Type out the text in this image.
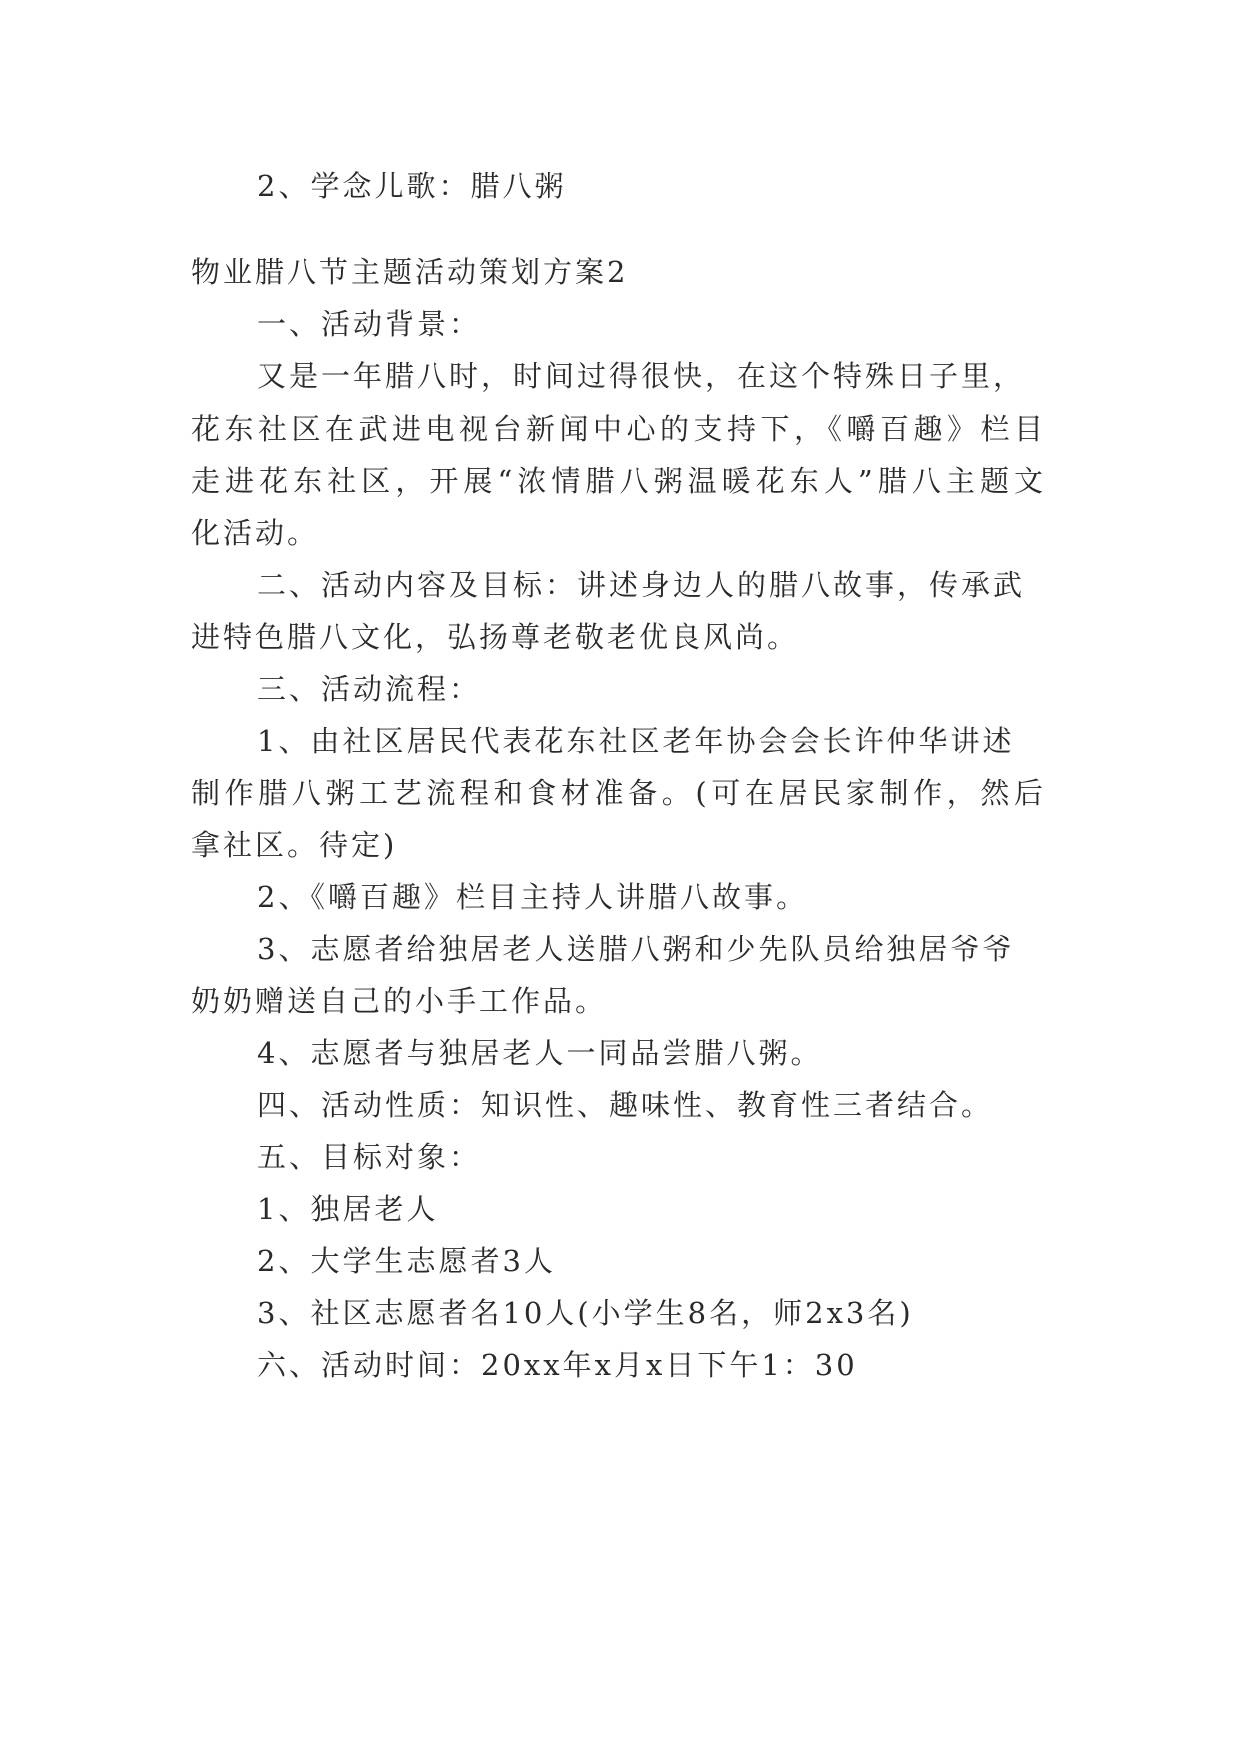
2、学念儿歌：腊八粥
物业腊八节主题活动策划方案2
一、活动背景：
又是一年腊八时，时间过得很快，在这个特殊日子里，
花东社区在武进电视台新闻中心的支持下，《嚼百趣》栏目
走进花东社区，开展“浓情腊八粥温暖花东人”腊八主题文
化活动。
二、活动内容及目标：讲述身边人的腊八故事，传承武
进特色腊八文化，弘扬尊老敬老优良风尚。
三、活动流程：
1、由社区居民代表花东社区老年协会会长许仲华讲述
制作腊八粥工艺流程和食材准备。(可在居民家制作，然后
拿社区。待定)
2、《嚼百趣》栏目主持人讲腊八故事。
3、志愿者给独居老人送腊八粥和少先队员给独居爷爷
奶奶赠送自己的小手工作品。
4、志愿者与独居老人一同品尝腊八粥。
四、活动性质：知识性、趣味性、教育性三者结合。
五、目标对象：
1、独居老人
2、大学生志愿者3人
3、社区志愿者名10人(小学生8名，师2x3名)
六、活动时间：20xx年x月x日下午1：30
